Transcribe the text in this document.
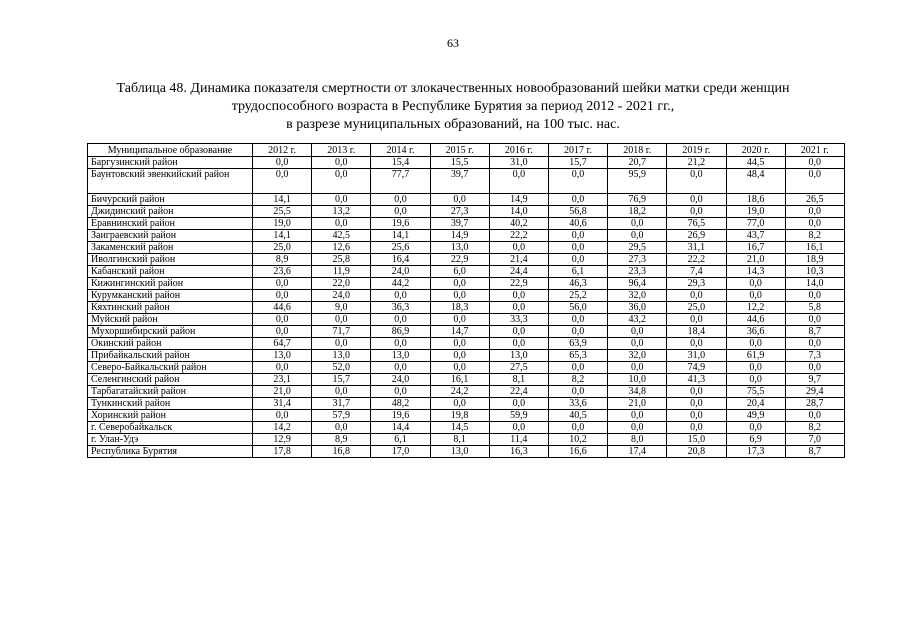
63
Таблица 48. Динамика показателя смертности от злокачественных новообразований шейки матки среди женщин
трудоспособного возраста в Республике Бурятия за период 2012 - 2021 гг.,
в разрезе муниципальных образований, на 100 тыс. нас.
Муниципальное образование	2012 г.	2013 г.	2014 г.	2015 г.	2016 г.	2017 г.	2018 г.	2019 г.	2020 г.	2021 г.
Баргузинский район	0,0	0,0	15,4	15,5	31,0	15,7	20,7	21,2	44,5	0,0
Баунтовский эвенкийский район	0,0	0,0	77,7	39,7	0,0	0,0	95,9	0,0	48,4	0,0
Бичурский район	14,1	0,0	0,0	0,0	14,9	0,0	76,9	0,0	18,6	26,5
Джидинский район	25,5	13,2	0,0	27,3	14,0	56,8	18,2	0,0	19,0	0,0
Еравнинский район	19,0	0,0	19,6	39,7	40,2	40,6	0,0	76,5	77,0	0,0
Заиграевский район	14,1	42,5	14,1	14,9	22,2	0,0	0,0	26,9	43,7	8,2
Закаменский район	25,0	12,6	25,6	13,0	0,0	0,0	29,5	31,1	16,7	16,1
Иволгинский район	8,9	25,8	16,4	22,9	21,4	0,0	27,3	22,2	21,0	18,9
Кабанский район	23,6	11,9	24,0	6,0	24,4	6,1	23,3	7,4	14,3	10,3
Кижингинский район	0,0	22,0	44,2	0,0	22,9	46,3	96,4	29,3	0,0	14,0
Курумканский район	0,0	24,0	0,0	0,0	0,0	25,2	32,0	0,0	0,0	0,0
Кяхтинский район	44,6	9,0	36,3	18,3	0,0	56,0	36,0	25,0	12,2	5,8
Муйский район	0,0	0,0	0,0	0,0	33,3	0,0	43,2	0,0	44,6	0,0
Мухоршибирский район	0,0	71,7	86,9	14,7	0,0	0,0	0,0	18,4	36,6	8,7
Окинский район	64,7	0,0	0,0	0,0	0,0	63,9	0,0	0,0	0,0	0,0
Прибайкальский район	13,0	13,0	13,0	0,0	13,0	65,3	32,0	31,0	61,9	7,3
Северо-Байкальский район	0,0	52,0	0,0	0,0	27,5	0,0	0,0	74,9	0,0	0,0
Селенгинский район	23,1	15,7	24,0	16,1	8,1	8,2	10,0	41,3	0,0	9,7
Тарбагатайский район	21,0	0,0	0,0	24,2	22,4	0,0	34,8	0,0	75,5	29,4
Тункинский район	31,4	31,7	48,2	0,0	0,0	33,6	21,0	0,0	20,4	28,7
Хоринский район	0,0	57,9	19,6	19,8	59,9	40,5	0,0	0,0	49,9	0,0
г. Северобайкальск	14,2	0,0	14,4	14,5	0,0	0,0	0,0	0,0	0,0	8,2
г. Улан-Удэ	12,9	8,9	6,1	8,1	11,4	10,2	8,0	15,0	6,9	7,0
Республика Бурятия	17,8	16,8	17,0	13,0	16,3	16,6	17,4	20,8	17,3	8,7
